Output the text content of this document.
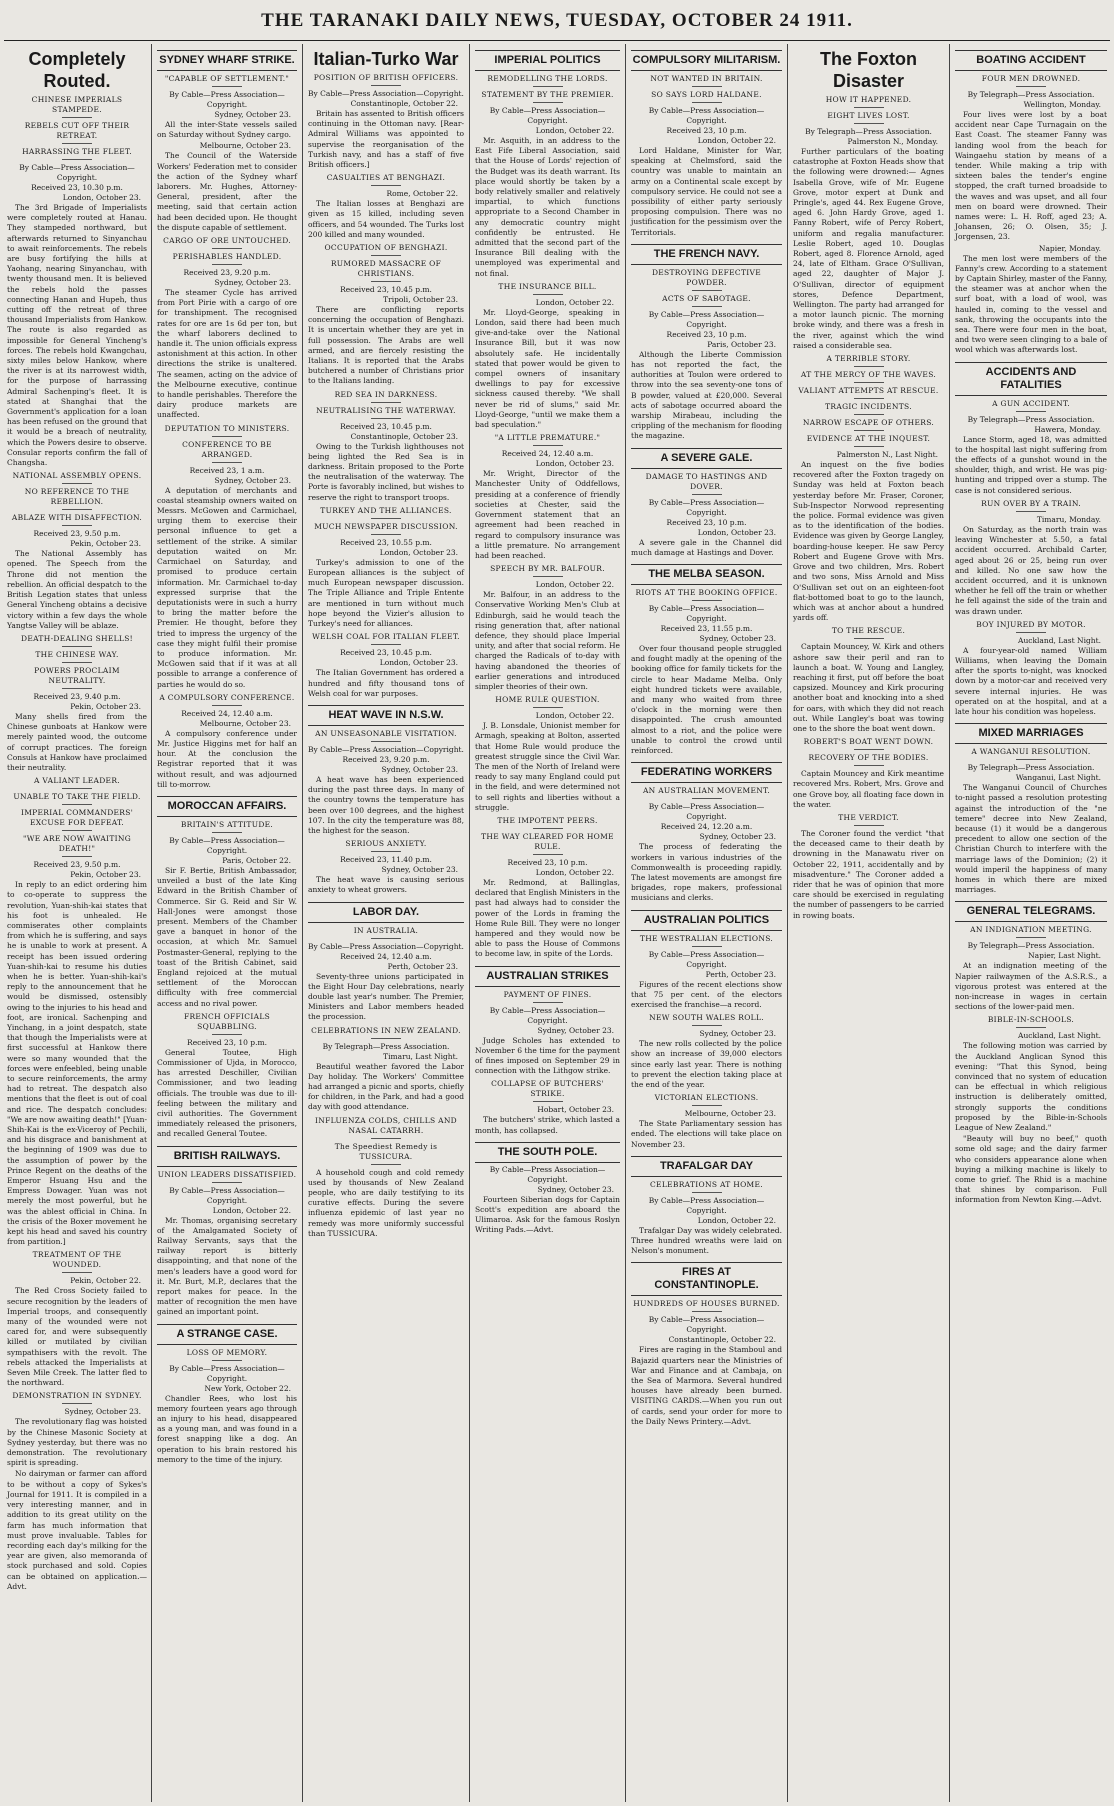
THE TARANAKI DAILY NEWS, TUESDAY, OCTOBER 24 1911.
Completely Routed.
CHINESE IMPERIALS STAMPEDE.
REBELS CUT OFF THEIR RETREAT.
HARRASSING THE FLEET.
By Cable—Press Association—Copyright.
Received 23, 10.30 p.m.
London, October 23.

The 3rd Brigade of Imperialists were completely routed at Hanau. They stampeded northward, but afterwards returned to Sinyanchau to await reinforcements. The rebels are busy fortifying the hills at Yaohang, nearing Sinyanchau, with twenty thousand men. It is believed the rebels hold the passes connecting Hanan and Hupeh, thus cutting off the retreat of three thousand Imperialists from Hankow. The route is also regarded as impossible for General Yincheng's forces. The rebels hold Kwangchau, sixty miles below Hankow, where the river is at its narrowest width, for the purpose of harrassing Admiral Sachenping's fleet. It is stated at Shanghai that the Government's application for a loan has been refused on the ground that it would be a breach of neutrality, which the Powers desire to observe. Consular reports confirm the fall of Changsha.

NATIONAL ASSEMBLY OPENS.
NO REFERENCE TO THE REBELLION.
ABLAZE WITH DISAFFECTION.
Received 23, 9.50 p.m.
Pekin, October 23.

The National Assembly has opened. The Speech from the Throne did not mention the rebellion. An official despatch to the British Legation states that unless General Yincheng obtains a decisive victory within a few days the whole Yangtse Valley will be ablaze.

DEATH-DEALING SHELLS!
THE CHINESE WAY.
POWERS PROCLAIM NEUTRALITY.
Received 23, 9.40 p.m.
Pekin, October 23.

Many shells fired from the Chinese gunboats at Hankow were merely painted wood, the outcome of corrupt practices. The foreign Consuls at Hankow have proclaimed their neutrality.

A VALIANT LEADER.
UNABLE TO TAKE THE FIELD.
IMPERIAL COMMANDERS' EXCUSE FOR DEFEAT.
"WE ARE NOW AWAITING DEATH!"
Received 23, 9.50 p.m.
Pekin, October 23.

In reply to an edict ordering him to co-operate to suppress the revolution, Yuan-shih-kai states that his foot is unhealed. He commiserates other complaints from which he is suffering, and says he is unable to work at present. A receipt has been issued ordering Yuan-shih-kai to resume his duties when he is better. Yuan-shih-kai's reply to the announcement that he would be dismissed, ostensibly owing to the injuries to his head and foot, are ironical. Sachenping and Yinchang, in a joint despatch, state that though the Imperialists were at first successful at Hankow there were so many wounded that the forces were enfeebled, being unable to secure reinforcements, the army had to retreat. The despatch also mentions that the fleet is out of coal and rice. The despatch concludes: "We are now awaiting death!" [Yuan-Shih-Kai is the ex-Viceroy of Pechili, and his disgrace and banishment at the beginning of 1909 was due to the assumption of power by the Prince Regent on the deaths of the Emperor Hsuang Hsu and the Empress Dowager. Yuan was not merely the most powerful, but he was the ablest official in China. In the crisis of the Boxer movement he kept his head and saved his country from partition.]

TREATMENT OF THE WOUNDED.
Pekin, October 22.

The Red Cross Society failed to secure recognition by the leaders of Imperial troops, and consequently many of the wounded were not cared for, and were subsequently killed or mutilated by civilian sympathisers with the revolt. The rebels attacked the Imperialists at Seven Mile Creek. The latter fled to the northward.

DEMONSTRATION IN SYDNEY.
Sydney, October 23.

The revolutionary flag was hoisted by the Chinese Masonic Society at Sydney yesterday, but there was no demonstration. The revolutionary spirit is spreading.

No dairyman or farmer can afford to be without a copy of Sykes's Journal for 1911. It is compiled in a very interesting manner, and in addition to its great utility on the farm has much information that must prove invaluable. Tables for recording each day's milking for the year are given, also memoranda of stock purchased and sold. Copies can be obtained on application.—Advt.

SYDNEY WHARF STRIKE.
"CAPABLE OF SETTLEMENT."
By Cable—Press Association—Copyright.
Sydney, October 23.

All the inter-State vessels sailed on Saturday without Sydney cargo.

Melbourne, October 23.

The Council of the Waterside Workers' Federation met to consider the action of the Sydney wharf laborers. Mr. Hughes, Attorney-General, president, after the meeting, said that certain action had been decided upon. He thought the dispute capable of settlement.

CARGO OF ORE UNTOUCHED.
PERISHABLES HANDLED.
Received 23, 9.20 p.m.
Sydney, October 23.

The steamer Cycle has arrived from Port Pirie with a cargo of ore for transhipment. The recognised rates for ore are 1s 6d per ton, but the wharf laborers declined to handle it. The union officials express astonishment at this action. In other directions the strike is unaltered. The seamen, acting on the advice of the Melbourne executive, continue to handle perishables. Therefore the dairy produce markets are unaffected.

DEPUTATION TO MINISTERS.
CONFERENCE TO BE ARRANGED.
Received 23, 1 a.m.
Sydney, October 23.

A deputation of merchants and coastal steamship owners waited on Messrs. McGowen and Carmichael, urging them to exercise their personal influence to get a settlement of the strike. A similar deputation waited on Mr. Carmichael on Saturday, and promised to produce certain information. Mr. Carmichael to-day expressed surprise that the deputationists were in such a hurry to bring the matter before the Premier. He thought, before they tried to impress the urgency of the case they might fulfil their promise to produce information. Mr. McGowen said that if it was at all possible to arrange a conference of parties he would do so.

A COMPULSORY CONFERENCE.
Received 24, 12.40 a.m.
Melbourne, October 23.

A compulsory conference under Mr. Justice Higgins met for half an hour. At the conclusion the Registrar reported that it was without result, and was adjourned till to-morrow.

MOROCCAN AFFAIRS.
BRITAIN'S ATTITUDE.
By Cable—Press Association—Copyright.
Paris, October 22.

Sir F. Bertie, British Ambassador, unveiled a bust of the late King Edward in the British Chamber of Commerce. Sir G. Reid and Sir W. Hall-Jones were amongst those present. Members of the Chamber gave a banquet in honor of the occasion, at which Mr. Samuel Postmaster-General, replying to the toast of the British Cabinet, said England rejoiced at the mutual settlement of the Moroccan difficulty with free commercial access and no rival power.

FRENCH OFFICIALS SQUABBLING.
Received 23, 10 p.m.

General Toutee, High Commissioner of Ujda, in Morocco, has arrested Deschiller, Civilian Commissioner, and two leading officials. The trouble was due to ill-feeling between the military and civil authorities. The Government immediately released the prisoners, and recalled General Toutee.

BRITISH RAILWAYS.
UNION LEADERS DISSATISFIED.
By Cable—Press Association—Copyright.
London, October 22.

Mr. Thomas, organising secretary of the Amalgamated Society of Railway Servants, says that the railway report is bitterly disappointing, and that none of the men's leaders have a good word for it. Mr. Burt, M.P., declares that the report makes for peace. In the matter of recognition the men have gained an important point.

A STRANGE CASE.
LOSS OF MEMORY.
By Cable—Press Association—Copyright.
New York, October 22.

Chandler Rees, who lost his memory fourteen years ago through an injury to his head, disappeared as a young man, and was found in a forest snapping like a dog. An operation to his brain restored his memory to the time of the injury.

Italian-Turko War
POSITION OF BRITISH OFFICERS.
By Cable—Press Association—Copyright.
Constantinople, October 22.

Britain has assented to British officers continuing in the Ottoman navy. [Rear-Admiral Williams was appointed to supervise the reorganisation of the Turkish navy, and has a staff of five British officers.]

CASUALTIES AT BENGHAZI.
Rome, October 22.

The Italian losses at Benghazi are given as 15 killed, including seven officers, and 54 wounded. The Turks lost 200 killed and many wounded.

OCCUPATION OF BENGHAZI.
RUMORED MASSACRE OF CHRISTIANS.
Received 23, 10.45 p.m.
Tripoli, October 23.

There are conflicting reports concerning the occupation of Benghazi. It is uncertain whether they are yet in full possession. The Arabs are well armed, and are fiercely resisting the Italians. It is reported that the Arabs butchered a number of Christians prior to the Italians landing.

RED SEA IN DARKNESS.
NEUTRALISING THE WATERWAY.
Received 23, 10.45 p.m.
Constantinople, October 23.

Owing to the Turkish lighthouses not being lighted the Red Sea is in darkness. Britain proposed to the Porte the neutralisation of the waterway. The Porte is favorably inclined, but wishes to reserve the right to transport troops.

TURKEY AND THE ALLIANCES.
MUCH NEWSPAPER DISCUSSION.
Received 23, 10.55 p.m.
London, October 23.

Turkey's admission to one of the European alliances is the subject of much European newspaper discussion. The Triple Alliance and Triple Entente are mentioned in turn without much hope beyond the Vizier's allusion to Turkey's need for alliances.

WELSH COAL FOR ITALIAN FLEET.
Received 23, 10.45 p.m.
London, October 23.

The Italian Government has ordered a hundred and fifty thousand tons of Welsh coal for war purposes.

HEAT WAVE IN N.S.W.
AN UNSEASONABLE VISITATION.
By Cable—Press Association—Copyright.
Received 23, 9.20 p.m.
Sydney, October 23.

A heat wave has been experienced during the past three days. In many of the country towns the temperature has been over 100 degrees, and the highest 107. In the city the temperature was 88, the highest for the season.

SERIOUS ANXIETY.
Received 23, 11.40 p.m.
Sydney, October 23.

The heat wave is causing serious anxiety to wheat growers.

LABOR DAY.
IN AUSTRALIA.
By Cable—Press Association—Copyright.
Received 24, 12.40 a.m.
Perth, October 23.

Seventy-three unions participated in the Eight Hour Day celebrations, nearly double last year's number. The Premier, Ministers and Labor members headed the procession.

CELEBRATIONS IN NEW ZEALAND.
By Telegraph—Press Association.
Timaru, Last Night.

Beautiful weather favored the Labor Day holiday. The Workers' Committee had arranged a picnic and sports, chiefly for children, in the Park, and had a good day with good attendance.

INFLUENZA COLDS, CHILLS AND NASAL CATARRH.
The Speediest Remedy is TUSSICURA.

A household cough and cold remedy used by thousands of New Zealand people, who are daily testifying to its curative effects. During the severe influenza epidemic of last year no remedy was more uniformly successful than TUSSICURA.

IMPERIAL POLITICS
REMODELLING THE LORDS.
STATEMENT BY THE PREMIER.
By Cable—Press Association—Copyright.
London, October 22.

Mr. Asquith, in an address to the East Fife Liberal Association, said that the House of Lords' rejection of the Budget was its death warrant. Its place would shortly be taken by a body relatively smaller and relatively impartial, to which functions appropriate to a Second Chamber in any democratic country might confidently be entrusted. He admitted that the second part of the Insurance Bill dealing with the unemployed was experimental and not final.

THE INSURANCE BILL.
London, October 22.

Mr. Lloyd-George, speaking in London, said there had been much give-and-take over the National Insurance Bill, but it was now absolutely safe. He incidentally stated that power would be given to compel owners of insanitary dwellings to pay for excessive sickness caused thereby. "We shall never be rid of slums," said Mr. Lloyd-George, "until we make them a bad speculation."

"A LITTLE PREMATURE."
Received 24, 12.40 a.m.
London, October 23.

Mr. Wright, Director of the Manchester Unity of Oddfellows, presiding at a conference of friendly societies at Chester, said the Government statement that an agreement had been reached in regard to compulsory insurance was a little premature. No arrangement had been reached.

SPEECH BY MR. BALFOUR.
London, October 22.

Mr. Balfour, in an address to the Conservative Working Men's Club at Edinburgh, said he would teach the rising generation that, after national defence, they should place Imperial unity, and after that social reform. He charged the Radicals of to-day with having abandoned the theories of earlier generations and introduced simpler theories of their own.

HOME RULE QUESTION.
London, October 22.

J. B. Lonsdale, Unionist member for Armagh, speaking at Bolton, asserted that Home Rule would produce the greatest struggle since the Civil War. The men of the North of Ireland were ready to say many England could put in the field, and were determined not to sell rights and liberties without a struggle.

THE IMPOTENT PEERS.
THE WAY CLEARED FOR HOME RULE.
Received 23, 10 p.m.
London, October 22.

Mr. Redmond, at Ballinglas, declared that English Ministers in the past had always had to consider the power of the Lords in framing the Home Rule Bill. They were no longer hampered and they would now be able to pass the House of Commons to become law, in spite of the Lords.

AUSTRALIAN STRIKES
PAYMENT OF FINES.
By Cable—Press Association—Copyright.
Sydney, October 23.

Judge Scholes has extended to November 6 the time for the payment of fines imposed on September 29 in connection with the Lithgow strike.

COLLAPSE OF BUTCHERS' STRIKE.
Hobart, October 23.

The butchers' strike, which lasted a month, has collapsed.

THE SOUTH POLE.
By Cable—Press Association—Copyright.
Sydney, October 23.

Fourteen Siberian dogs for Captain Scott's expedition are aboard the Ulimaroa. Ask for the famous Roslyn Writing Pads.—Advt.

COMPULSORY MILITARISM.
NOT WANTED IN BRITAIN.
SO SAYS LORD HALDANE.
By Cable—Press Association—Copyright.
Received 23, 10 p.m.
London, October 22.

Lord Haldane, Minister for War, speaking at Chelmsford, said the country was unable to maintain an army on a Continental scale except by compulsory service. He could not see a possibility of either party seriously proposing compulsion. There was no justification for the pessimism over the Territorials.

THE FRENCH NAVY.
DESTROYING DEFECTIVE POWDER.
ACTS OF SABOTAGE.
By Cable—Press Association—Copyright.
Received 23, 10 p.m.
Paris, October 23.

Although the Liberte Commission has not reported the fact, the authorities at Toulon were ordered to throw into the sea seventy-one tons of B powder, valued at £20,000. Several acts of sabotage occurred aboard the warship Mirabeau, including the crippling of the mechanism for flooding the magazine.

A SEVERE GALE.
DAMAGE TO HASTINGS AND DOVER.
By Cable—Press Association—Copyright.
Received 23, 10 p.m.
London, October 23.

A severe gale in the Channel did much damage at Hastings and Dover.

THE MELBA SEASON.
RIOTS AT THE BOOKING OFFICE.
By Cable—Press Association—Copyright.
Received 23, 11.55 p.m.
Sydney, October 23.

Over four thousand people struggled and fought madly at the opening of the booking office for family tickets for the circle to hear Madame Melba. Only eight hundred tickets were available, and many who waited from three o'clock in the morning were then disappointed. The crush amounted almost to a riot, and the police were unable to control the crowd until reinforced.

FEDERATING WORKERS
AN AUSTRALIAN MOVEMENT.
By Cable—Press Association—Copyright.
Received 24, 12.20 a.m.
Sydney, October 23.

The process of federating the workers in various industries of the Commonwealth is proceeding rapidly. The latest movements are amongst fire brigades, rope makers, professional musicians and clerks.

AUSTRALIAN POLITICS
THE WESTRALIAN ELECTIONS.
By Cable—Press Association—Copyright.
Perth, October 23.

Figures of the recent elections show that 75 per cent. of the electors exercised the franchise—a record.

NEW SOUTH WALES ROLL.
Sydney, October 23.

The new rolls collected by the police show an increase of 39,000 electors since early last year. There is nothing to prevent the election taking place at the end of the year.

VICTORIAN ELECTIONS.
Melbourne, October 23.

The State Parliamentary session has ended. The elections will take place on November 23.

TRAFALGAR DAY
CELEBRATIONS AT HOME.
By Cable—Press Association—Copyright.
London, October 22.

Trafalgar Day was widely celebrated. Three hundred wreaths were laid on Nelson's monument.

FIRES AT CONSTANTINOPLE.
HUNDREDS OF HOUSES BURNED.
By Cable—Press Association—Copyright.
Constantinople, October 22.

Fires are raging in the Stamboul and Bajazid quarters near the Ministries of War and Finance and at Cambaja, on the Sea of Marmora. Several hundred houses have already been burned. VISITING CARDS.—When you run out of cards, send your order for more to the Daily News Printery.—Advt.

The Foxton Disaster
HOW IT HAPPENED.
EIGHT LIVES LOST.
By Telegraph—Press Association.
Palmerston N., Monday.

Further particulars of the boating catastrophe at Foxton Heads show that the following were drowned:— Agnes Isabella Grove, wife of Mr. Eugene Grove, motor expert at Dunk and Pringle's, aged 44. Rex Eugene Grove, aged 6. John Hardy Grove, aged 1. Fanny Robert, wife of Percy Robert, uniform and regalia manufacturer. Leslie Robert, aged 10. Douglas Robert, aged 8. Florence Arnold, aged 24, late of Eltham. Grace O'Sullivan, aged 22, daughter of Major J. O'Sullivan, director of equipment stores, Defence Department, Wellington. The party had arranged for a motor launch picnic. The morning broke windy, and there was a fresh in the river, against which the wind raised a considerable sea.

A TERRIBLE STORY.
AT THE MERCY OF THE WAVES.
VALIANT ATTEMPTS AT RESCUE.
TRAGIC INCIDENTS.
NARROW ESCAPE OF OTHERS.
EVIDENCE AT THE INQUEST.
Palmerston N., Last Night.

An inquest on the five bodies recovered after the Foxton tragedy on Sunday was held at Foxton beach yesterday before Mr. Fraser, Coroner, Sub-Inspector Norwood representing the police. Formal evidence was given as to the identification of the bodies. Evidence was given by George Langley, boarding-house keeper. He saw Percy Robert and Eugene Grove with Mrs. Grove and two children, Mrs. Robert and two sons, Miss Arnold and Miss O'Sullivan set out on an eighteen-foot flat-bottomed boat to go to the launch, which was at anchor about a hundred yards off.

TO THE RESCUE.

Captain Mouncey, W. Kirk and others ashore saw their peril and ran to launch a boat. W. Young and Langley, reaching it first, put off before the boat capsized. Mouncey and Kirk procuring another boat and knocking into a shed for oars, with which they did not reach out. While Langley's boat was towing one to the shore the boat went down.

ROBERT'S BOAT WENT DOWN.
RECOVERY OF THE BODIES.

Captain Mouncey and Kirk meantime recovered Mrs. Robert, Mrs. Grove and one Grove boy, all floating face down in the water.

THE VERDICT.

The Coroner found the verdict "that the deceased came to their death by drowning in the Manawatu river on October 22, 1911, accidentally and by misadventure." The Coroner added a rider that he was of opinion that more care should be exercised in regulating the number of passengers to be carried in rowing boats.

BOATING ACCIDENT
FOUR MEN DROWNED.
By Telegraph—Press Association.
Wellington, Monday.

Four lives were lost by a boat accident near Cape Turnagain on the East Coast. The steamer Fanny was landing wool from the beach for Waingaehu station by means of a tender. While making a trip with sixteen bales the tender's engine stopped, the craft turned broadside to the waves and was upset, and all four men on board were drowned. Their names were: L. H. Roff, aged 23; A. Johansen, 26; O. Olsen, 35; J. Jorgensen, 23.

Napier, Monday.

The men lost were members of the Fanny's crew. According to a statement by Captain Shirley, master of the Fanny, the steamer was at anchor when the surf boat, with a load of wool, was hauled in, coming to the vessel and sank, throwing the occupants into the sea. There were four men in the boat, and two were seen clinging to a bale of wool which was afterwards lost.

ACCIDENTS AND FATALITIES
A GUN ACCIDENT.
By Telegraph—Press Association.
Hawera, Monday.

Lance Storm, aged 18, was admitted to the hospital last night suffering from the effects of a gunshot wound in the shoulder, thigh, and wrist. He was pig-hunting and tripped over a stump. The case is not considered serious.

RUN OVER BY A TRAIN.
Timaru, Monday.

On Saturday, as the north train was leaving Winchester at 5.50, a fatal accident occurred. Archibald Carter, aged about 26 or 25, being run over and killed. No one saw how the accident occurred, and it is unknown whether he fell off the train or whether he fell against the side of the train and was drawn under.

BOY INJURED BY MOTOR.
Auckland, Last Night.

A four-year-old named William Williams, when leaving the Domain after the sports to-night, was knocked down by a motor-car and received very severe internal injuries. He was operated on at the hospital, and at a late hour his condition was hopeless.

MIXED MARRIAGES
A WANGANUI RESOLUTION.
By Telegraph—Press Association.
Wanganui, Last Night.

The Wanganui Council of Churches to-night passed a resolution protesting against the introduction of the "ne temere" decree into New Zealand, because (1) it would be a dangerous precedent to allow one section of the Christian Church to interfere with the marriage laws of the Dominion; (2) it would imperil the happiness of many homes in which there are mixed marriages.

GENERAL TELEGRAMS.
AN INDIGNATION MEETING.
By Telegraph—Press Association.
Napier, Last Night.

At an indignation meeting of the Napier railwaymen of the A.S.R.S., a vigorous protest was entered at the non-increase in wages in certain sections of the lower-paid men.

BIBLE-IN-SCHOOLS.
Auckland, Last Night.

The following motion was carried by the Auckland Anglican Synod this evening: "That this Synod, being convinced that no system of education can be effectual in which religious instruction is deliberately omitted, strongly supports the conditions proposed by the Bible-in-Schools League of New Zealand."

"Beauty will buy no beef," quoth some old sage; and the dairy farmer who considers appearance alone when buying a milking machine is likely to come to grief. The Rhid is a machine that shines by comparison. Full information from Newton King.—Advt.
